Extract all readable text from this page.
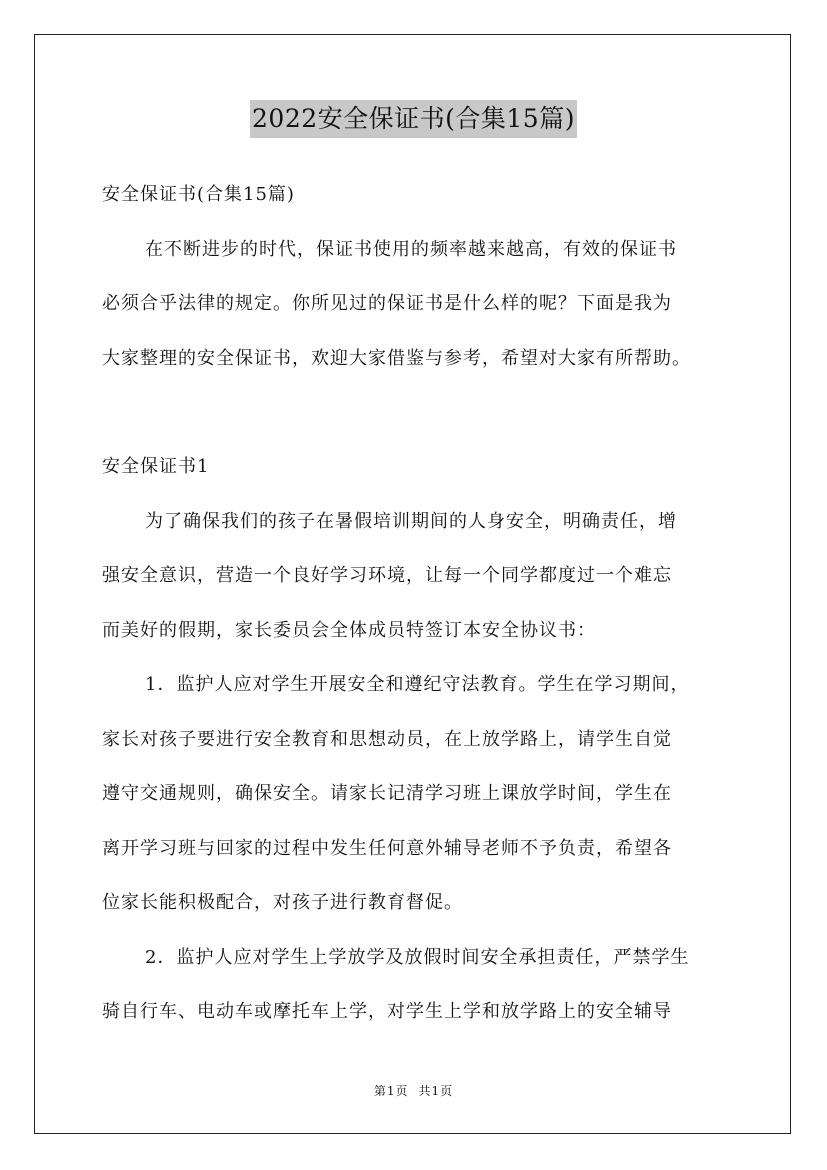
2022安全保证书(合集15篇)
安全保证书(合集15篇)
在不断进步的时代，保证书使用的频率越来越高，有效的保证书
必须合乎法律的规定。你所见过的保证书是什么样的呢？下面是我为
大家整理的安全保证书，欢迎大家借鉴与参考，希望对大家有所帮助。
安全保证书1
为了确保我们的孩子在暑假培训期间的人身安全，明确责任，增
强安全意识，营造一个良好学习环境，让每一个同学都度过一个难忘
而美好的假期，家长委员会全体成员特签订本安全协议书：
1．监护人应对学生开展安全和遵纪守法教育。学生在学习期间，
家长对孩子要进行安全教育和思想动员，在上放学路上，请学生自觉
遵守交通规则，确保安全。请家长记清学习班上课放学时间，学生在
离开学习班与回家的过程中发生任何意外辅导老师不予负责，希望各
位家长能积极配合，对孩子进行教育督促。
2．监护人应对学生上学放学及放假时间安全承担责任，严禁学生
骑自行车、电动车或摩托车上学，对学生上学和放学路上的安全辅导
第1页 共1页
